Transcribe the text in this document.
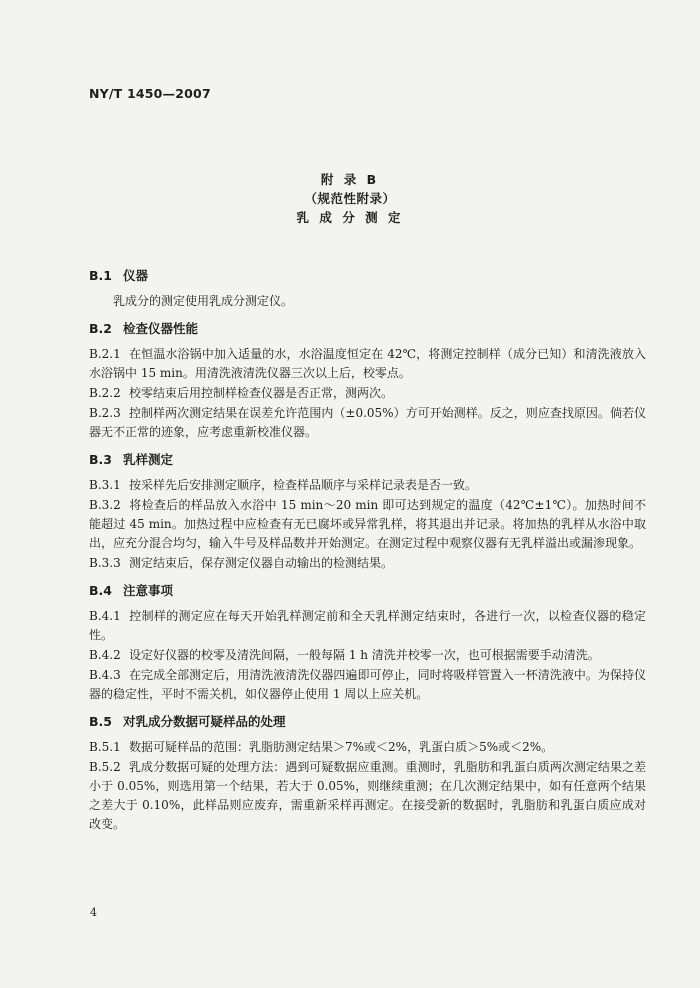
NY/T 1450—2007
附 录 B
（规范性附录）
乳 成 分 测 定
B.1 仪器
乳成分的测定使用乳成分测定仪。
B.2 检查仪器性能
B.2.1 在恒温水浴锅中加入适量的水，水浴温度恒定在 42℃，将测定控制样（成分已知）和清洗液放入水浴锅中 15 min。用清洗液清洗仪器三次以上后，校零点。
B.2.2 校零结束后用控制样检查仪器是否正常，测两次。
B.2.3 控制样两次测定结果在误差允许范围内（±0.05%）方可开始测样。反之，则应查找原因。倘若仪器无不正常的迹象，应考虑重新校准仪器。
B.3 乳样测定
B.3.1 按采样先后安排测定顺序，检查样品顺序与采样记录表是否一致。
B.3.2 将检查后的样品放入水浴中 15 min～20 min 即可达到规定的温度（42℃±1℃）。加热时间不能超过 45 min。加热过程中应检查有无已腐坏或异常乳样，将其退出并记录。将加热的乳样从水浴中取出，应充分混合均匀，输入牛号及样品数并开始测定。在测定过程中观察仪器有无乳样溢出或漏渗现象。
B.3.3 测定结束后，保存测定仪器自动输出的检测结果。
B.4 注意事项
B.4.1 控制样的测定应在每天开始乳样测定前和全天乳样测定结束时，各进行一次，以检查仪器的稳定性。
B.4.2 设定好仪器的校零及清洗间隔，一般每隔 1 h 清洗并校零一次，也可根据需要手动清洗。
B.4.3 在完成全部测定后，用清洗液清洗仪器四遍即可停止，同时将吸样管置入一杯清洗液中。为保持仪器的稳定性，平时不需关机，如仪器停止使用 1 周以上应关机。
B.5 对乳成分数据可疑样品的处理
B.5.1 数据可疑样品的范围：乳脂肪测定结果＞7%或＜2%，乳蛋白质＞5%或＜2%。
B.5.2 乳成分数据可疑的处理方法：遇到可疑数据应重测。重测时，乳脂肪和乳蛋白质两次测定结果之差小于 0.05%，则选用第一个结果，若大于 0.05%，则继续重测；在几次测定结果中，如有任意两个结果之差大于 0.10%，此样品则应废弃，需重新采样再测定。在接受新的数据时，乳脂肪和乳蛋白质应成对改变。
4
